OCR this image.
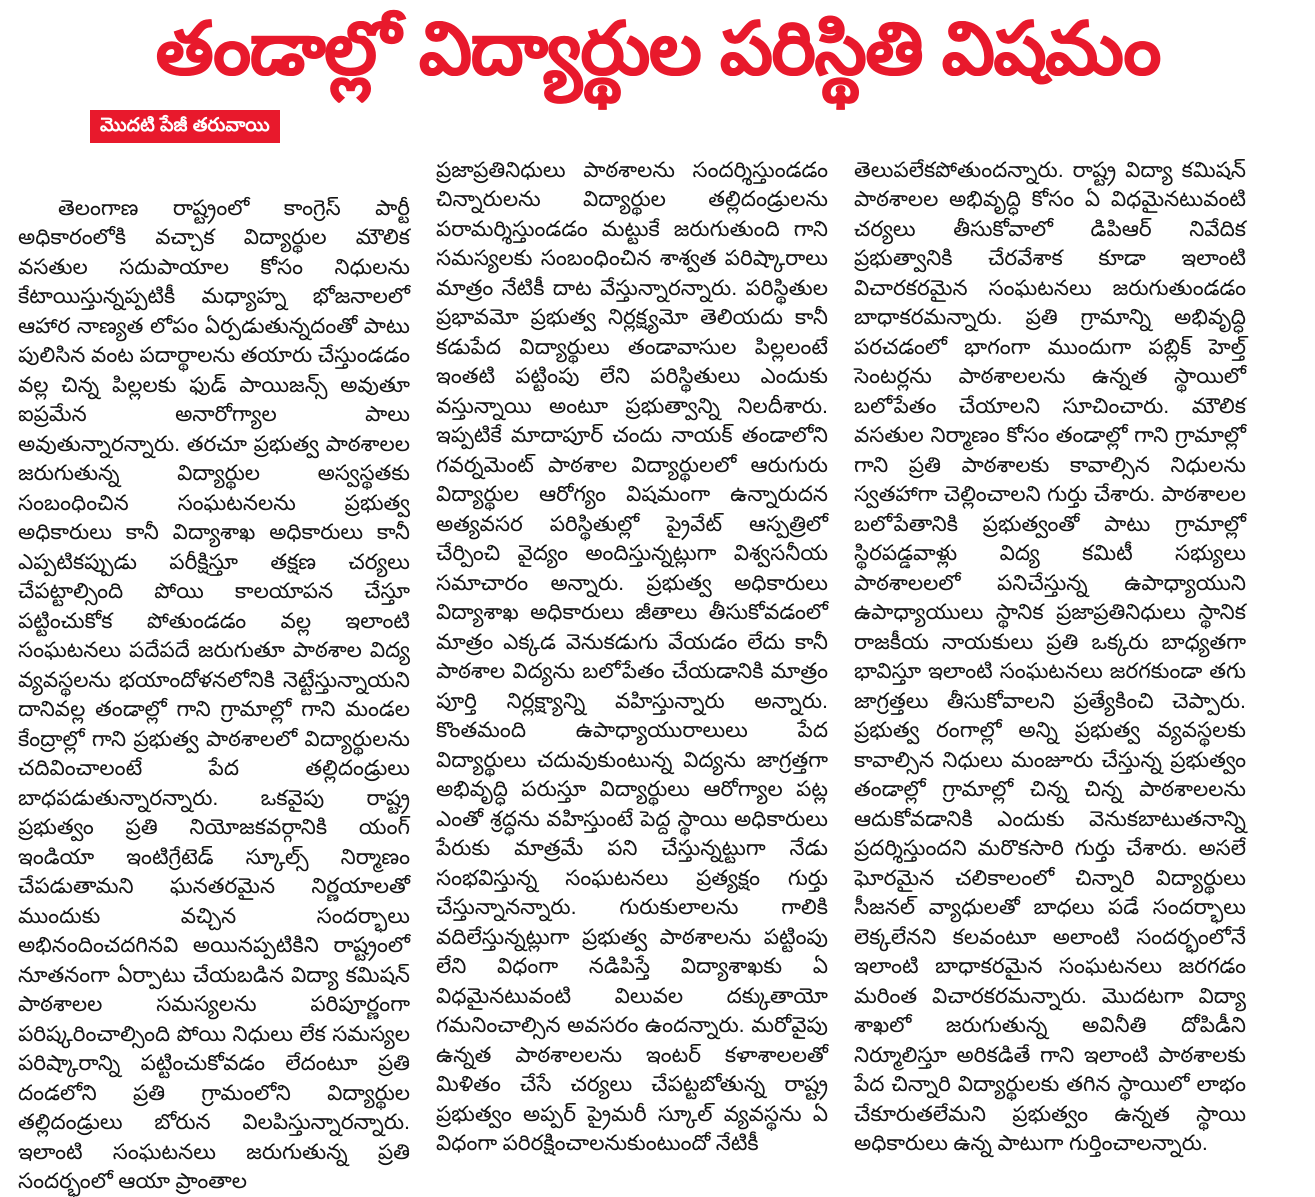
తండాల్లో విద్యార్థుల పరిస్థితి విషమం
మొదటి పేజీ తరువాయి

తెలంగాణ రాష్ట్రంలో కాంగ్రెస్ పార్టీ అధికారంలోకి వచ్చాక విద్యార్థుల మౌలిక వసతుల సదుపాయాల కోసం నిధులను కేటాయిస్తున్నప్పటికీ మధ్యాహ్న భోజనాలలో ఆహార నాణ్యత లోపం ఏర్పడుతున్నదంతో పాటు పులిసిన వంట పదార్థాలను తయారు చేస్తుండడం వల్ల చిన్న పిల్లలకు ఫుడ్ పాయిజన్స్ అవుతూ ఐప్రమేన అనారోగ్యాల పాలు అవుతున్నారన్నారు. తరచూ ప్రభుత్వ పాఠశాలల జరుగుతున్న విద్యార్థుల అస్వస్థతకు సంబంధించిన సంఘటనలను ప్రభుత్వ అధికారులు కానీ విద్యాశాఖ అధికారులు కానీ ఎప్పటికప్పుడు పరీక్షిస్తూ తక్షణ చర్యలు చేపట్టాల్సింది పోయి కాలయాపన చేస్తూ పట్టించుకోక పోతుండడం వల్ల ఇలాంటి సంఘటనలు పదేపదే జరుగుతూ పాఠశాల విద్య వ్యవస్థలను భయాందోళనలోనికి నెట్టేస్తున్నాయని దానివల్ల తండాల్లో గాని గ్రామాల్లో గాని మండల కేంద్రాల్లో గాని ప్రభుత్వ పాఠశాలలో విద్యార్థులను చదివించాలంటే పేద తల్లిదండ్రులు బాధపడుతున్నారన్నారు. ఒకవైపు రాష్ట్ర ప్రభుత్వం ప్రతి నియోజకవర్గానికి యంగ్ ఇండియా ఇంటిగ్రేటెడ్ స్కూల్స్ నిర్మాణం చేపడుతామని ఘనతరమైన నిర్ణయాలతో ముందుకు వచ్చిన సందర్భాలు అభినందించదగినవి అయినప్పటికిని రాష్ట్రంలో నూతనంగా ఏర్పాటు చేయబడిన విద్యా కమిషన్ పాఠశాలల సమస్యలను పరిపూర్ణంగా పరిష్కరించాల్సింది పోయి నిధులు లేక సమస్యల పరిష్కారాన్ని పట్టించుకోవడం లేదంటూ ప్రతి దండలోని ప్రతి గ్రామంలోని విద్యార్థుల తల్లిదండ్రులు బోరున విలపిస్తున్నారన్నారు. ఇలాంటి సంఘటనలు జరుగుతున్న ప్రతి సందర్భంలో ఆయా ప్రాంతాల

ప్రజాప్రతినిధులు పాఠశాలను సందర్శిస్తుండడం చిన్నారులను విద్యార్థుల తల్లిదండ్రులను పరామర్శిస్తుండడం మట్టుకే జరుగుతుంది గాని సమస్యలకు సంబంధించిన శాశ్వత పరిష్కారాలు మాత్రం నేటికీ దాట వేస్తున్నారన్నారు. పరిస్థితుల ప్రభావమో ప్రభుత్వ నిర్లక్ష్యమో తెలియదు కానీ కడుపేద విద్యార్థులు తండావాసుల పిల్లలంటే ఇంతటి పట్టింపు లేని పరిస్థితులు ఎందుకు వస్తున్నాయి అంటూ ప్రభుత్వాన్ని నిలదీశారు. ఇప్పటికే మాదాపూర్ చందు నాయక్ తండాలోని గవర్నమెంట్ పాఠశాల విద్యార్థులలో ఆరుగురు విద్యార్థుల ఆరోగ్యం విషమంగా ఉన్నారుదన అత్యవసర పరిస్థితుల్లో ప్రైవేట్ ఆస్పత్రిలో చేర్పించి వైద్యం అందిస్తున్నట్లుగా విశ్వసనీయ సమాచారం అన్నారు. ప్రభుత్వ అధికారులు విద్యాశాఖ అధికారులు జీతాలు తీసుకోవడంలో మాత్రం ఎక్కడ వెనుకడుగు వేయడం లేదు కానీ పాఠశాల విద్యను బలోపేతం చేయడానికి మాత్రం పూర్తి నిర్లక్ష్యాన్ని వహిస్తున్నారు అన్నారు. కొంతమంది ఉపాధ్యాయురాలులు పేద విద్యార్థులు చదువుకుంటున్న విద్యను జాగ్రత్తగా అభివృద్ధి పరుస్తూ విద్యార్థులు ఆరోగ్యాల పట్ల ఎంతో శ్రద్ధను వహిస్తుంటే పెద్ద స్థాయి అధికారులు పేరుకు మాత్రమే పని చేస్తున్నట్టుగా నేడు సంభవిస్తున్న సంఘటనలు ప్రత్యక్షం గుర్తు చేస్తున్నానన్నారు. గురుకులాలను గాలికి వదిలేస్తున్నట్లుగా ప్రభుత్వ పాఠశాలను పట్టింపు లేని విధంగా నడిపిస్తే విద్యాశాఖకు ఏ విధమైనటువంటి విలువల దక్కుతాయో గమనించాల్సిన అవసరం ఉందన్నారు. మరోవైపు ఉన్నత పాఠశాలలను ఇంటర్ కళాశాలలతో మిళితం చేసే చర్యలు చేపట్టబోతున్న రాష్ట్ర ప్రభుత్వం అప్పర్ ప్రైమరీ స్కూల్ వ్యవస్థను ఏ విధంగా పరిరక్షించాలనుకుంటుందో నేటికీ

తెలుపలేకపోతుందన్నారు. రాష్ట్ర విద్యా కమిషన్ పాఠశాలల అభివృద్ధి కోసం ఏ విధమైనటువంటి చర్యలు తీసుకోవాలో డిపిఆర్ నివేదిక ప్రభుత్వానికి చేరవేశాక కూడా ఇలాంటి విచారకరమైన సంఘటనలు జరుగుతుండడం బాధాకరమన్నారు. ప్రతి గ్రామాన్ని అభివృద్ధి పరచడంలో భాగంగా ముందుగా పబ్లిక్ హెల్త్ సెంటర్లను పాఠశాలలను ఉన్నత స్థాయిలో బలోపేతం చేయాలని సూచించారు. మౌలిక వసతుల నిర్మాణం కోసం తండాల్లో గాని గ్రామాల్లో గాని ప్రతి పాఠశాలకు కావాల్సిన నిధులను స్వతహాగా చెల్లించాలని గుర్తు చేశారు. పాఠశాలల బలోపేతానికి ప్రభుత్వంతో పాటు గ్రామాల్లో స్థిరపడ్డవాళ్లు విద్య కమిటీ సభ్యులు పాఠశాలలలో పనిచేస్తున్న ఉపాధ్యాయుని ఉపాధ్యాయులు స్థానిక ప్రజాప్రతినిధులు స్థానిక రాజకీయ నాయకులు ప్రతి ఒక్కరు బాధ్యతగా భావిస్తూ ఇలాంటి సంఘటనలు జరగకుండా తగు జాగ్రత్తలు తీసుకోవాలని ప్రత్యేకించి చెప్పారు. ప్రభుత్వ రంగాల్లో అన్ని ప్రభుత్వ వ్యవస్థలకు కావాల్సిన నిధులు మంజూరు చేస్తున్న ప్రభుత్వం తండాల్లో గ్రామాల్లో చిన్న చిన్న పాఠశాలలను ఆదుకోవడానికి ఎందుకు వెనుకబాటుతనాన్ని ప్రదర్శిస్తుందని మరొకసారి గుర్తు చేశారు. అసలే ఘోరమైన చలికాలంలో చిన్నారి విద్యార్థులు సీజనల్ వ్యాధులతో బాధలు పడే సందర్భాలు లెక్కలేనని కలవంటూ అలాంటి సందర్భంలోనే ఇలాంటి బాధాకరమైన సంఘటనలు జరగడం మరింత విచారకరమన్నారు. మొదటగా విద్యా శాఖలో జరుగుతున్న అవినీతి దోపిడీని నిర్మూలిస్తూ అరికడితే గాని ఇలాంటి పాఠశాలకు పేద చిన్నారి విద్యార్థులకు తగిన స్థాయిలో లాభం చేకూరుతలేమని ప్రభుత్వం ఉన్నత స్థాయి అధికారులు ఉన్న పాటుగా గుర్తించాలన్నారు.
